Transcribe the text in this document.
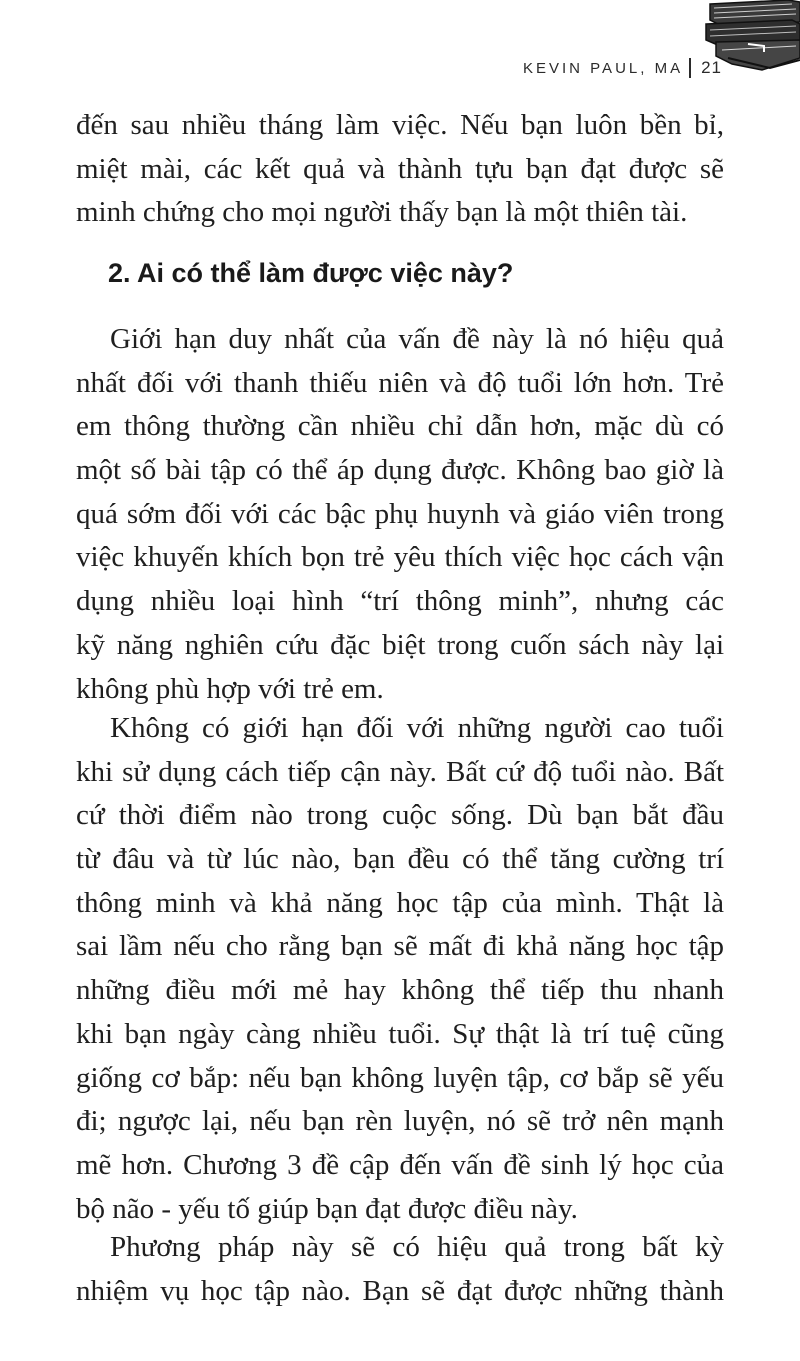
KEVIN PAUL, MA 21
đến sau nhiều tháng làm việc. Nếu bạn luôn bền bỉ,
miệt mài, các kết quả và thành tựu bạn đạt được sẽ
minh chứng cho mọi người thấy bạn là một thiên tài.
2. Ai có thể làm được việc này?
Giới hạn duy nhất của vấn đề này là nó hiệu quả
nhất đối với thanh thiếu niên và độ tuổi lớn hơn. Trẻ
em thông thường cần nhiều chỉ dẫn hơn, mặc dù có
một số bài tập có thể áp dụng được. Không bao giờ là
quá sớm đối với các bậc phụ huynh và giáo viên trong
việc khuyến khích bọn trẻ yêu thích việc học cách vận
dụng nhiều loại hình “trí thông minh”, nhưng các
kỹ năng nghiên cứu đặc biệt trong cuốn sách này lại
không phù hợp với trẻ em.
Không có giới hạn đối với những người cao tuổi
khi sử dụng cách tiếp cận này. Bất cứ độ tuổi nào. Bất
cứ thời điểm nào trong cuộc sống. Dù bạn bắt đầu
từ đâu và từ lúc nào, bạn đều có thể tăng cường trí
thông minh và khả năng học tập của mình. Thật là
sai lầm nếu cho rằng bạn sẽ mất đi khả năng học tập
những điều mới mẻ hay không thể tiếp thu nhanh
khi bạn ngày càng nhiều tuổi. Sự thật là trí tuệ cũng
giống cơ bắp: nếu bạn không luyện tập, cơ bắp sẽ yếu
đi; ngược lại, nếu bạn rèn luyện, nó sẽ trở nên mạnh
mẽ hơn. Chương 3 đề cập đến vấn đề sinh lý học của
bộ não - yếu tố giúp bạn đạt được điều này.
Phương pháp này sẽ có hiệu quả trong bất kỳ
nhiệm vụ học tập nào. Bạn sẽ đạt được những thành
